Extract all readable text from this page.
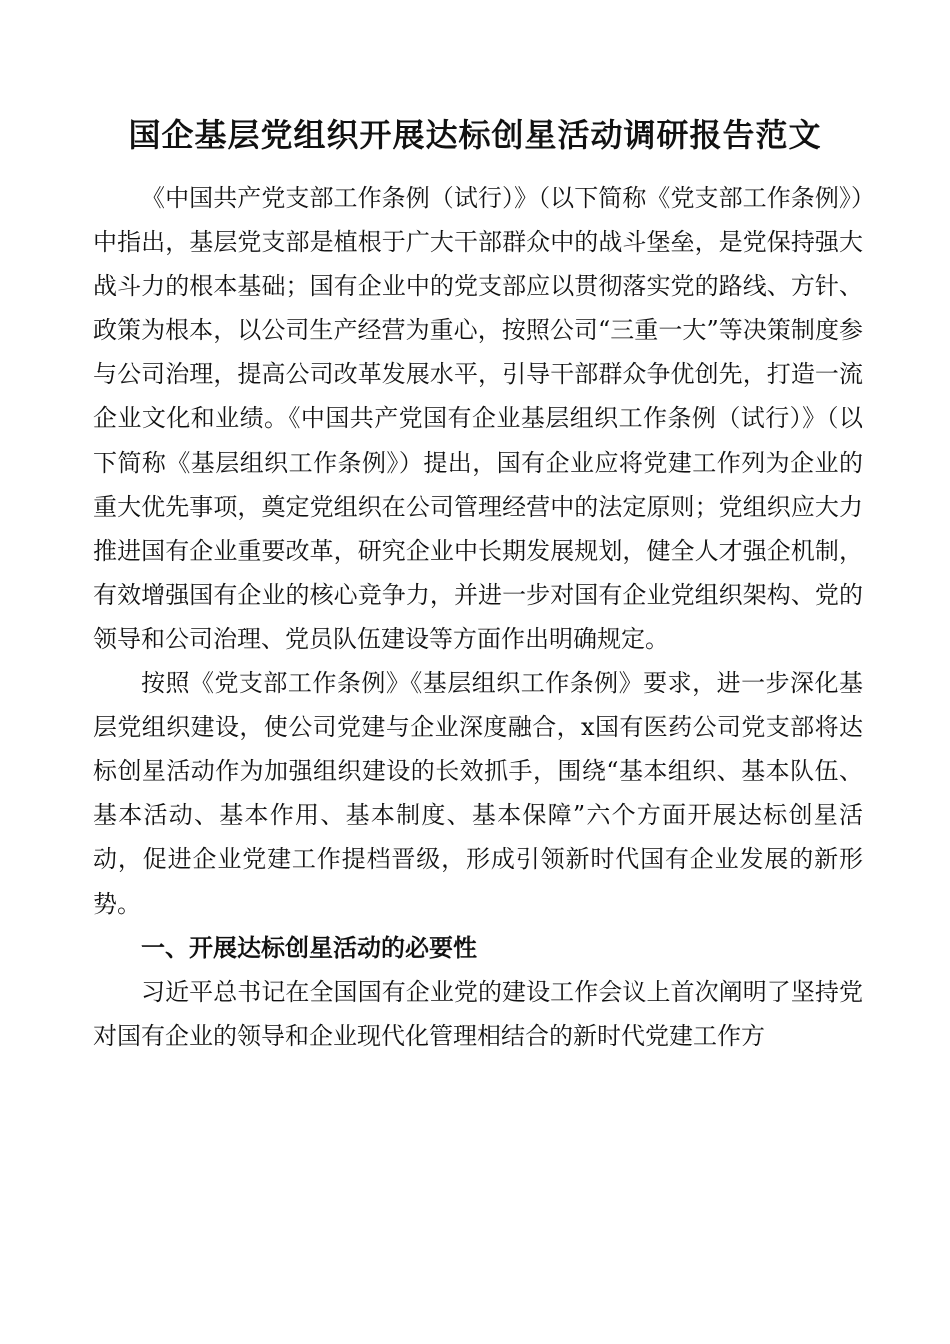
国企基层党组织开展达标创星活动调研报告范文

《中国共产党支部工作条例（试行）》（以下简称《党支部工作条例》）中指出，基层党支部是植根于广大干部群众中的战斗堡垒，是党保持强大战斗力的根本基础；国有企业中的党支部应以贯彻落实党的路线、方针、政策为根本，以公司生产经营为重心，按照公司“三重一大”等决策制度参与公司治理，提高公司改革发展水平，引导干部群众争优创先，打造一流企业文化和业绩。《中国共产党国有企业基层组织工作条例（试行）》（以下简称《基层组织工作条例》）提出，国有企业应将党建工作列为企业的重大优先事项，奠定党组织在公司管理经营中的法定原则；党组织应大力推进国有企业重要改革，研究企业中长期发展规划，健全人才强企机制，有效增强国有企业的核心竞争力，并进一步对国有企业党组织架构、党的领导和公司治理、党员队伍建设等方面作出明确规定。

按照《党支部工作条例》《基层组织工作条例》要求，进一步深化基层党组织建设，使公司党建与企业深度融合，x国有医药公司党支部将达标创星活动作为加强组织建设的长效抓手，围绕“基本组织、基本队伍、基本活动、基本作用、基本制度、基本保障”六个方面开展达标创星活动，促进企业党建工作提档晋级，形成引领新时代国有企业发展的新形势。

一、开展达标创星活动的必要性

习近平总书记在全国国有企业党的建设工作会议上首次阐明了坚持党对国有企业的领导和企业现代化管理相结合的新时代党建工作方
